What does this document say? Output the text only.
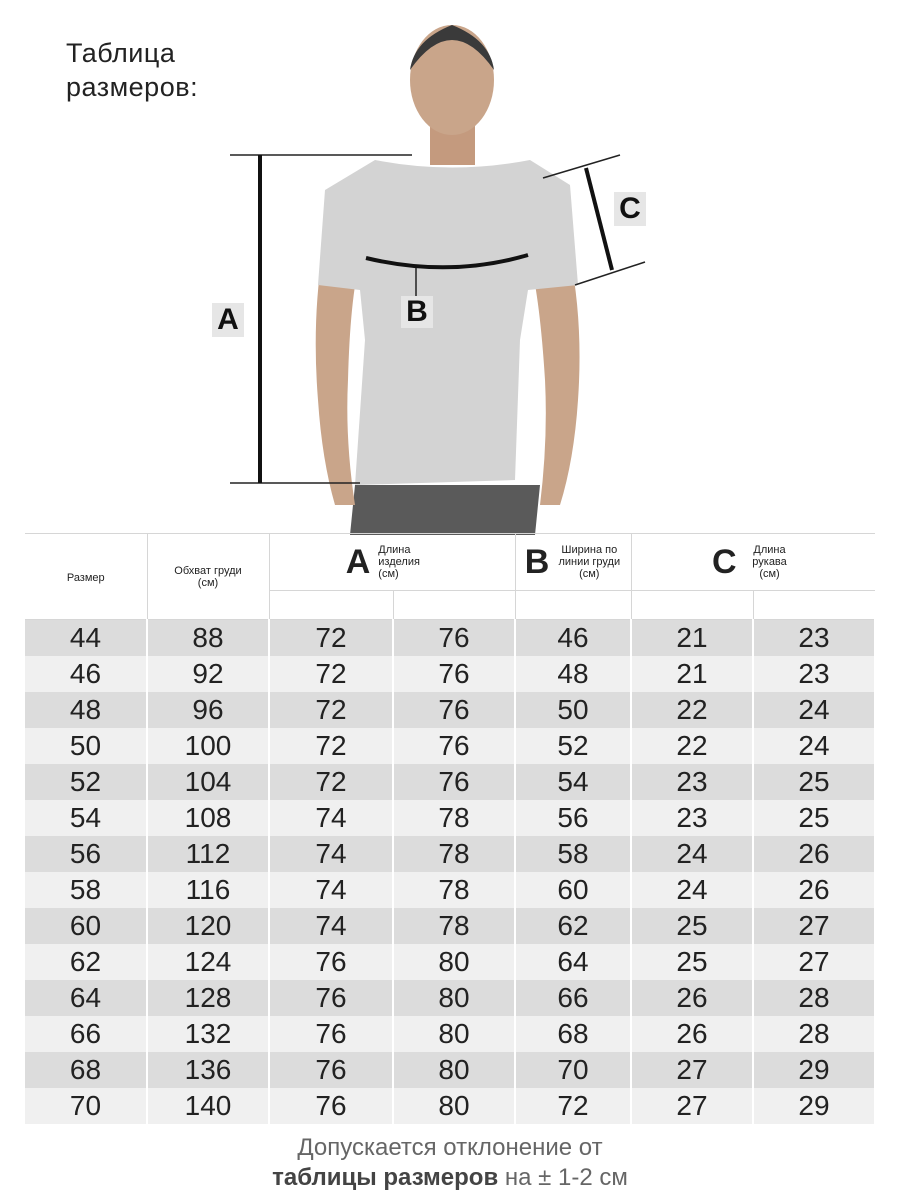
Таблица размеров:
A	B
C
Размер	Обхват груди (см)	A Длина изделия (см)		B Ширина по линии груди (см)	C Длина рукава (см)	

44	88	72	76	46	21	23
46	92	72	76	48	21	23
48	96	72	76	50	22	24
50	100	72	76	52	22	24
52	104	72	76	54	23	25
54	108	74	78	56	23	25
56	112	74	78	58	24	26
58	116	74	78	60	24	26
60	120	74	78	62	25	27
62	124	76	80	64	25	27
64	128	76	80	66	26	28
66	132	76	80	68	26	28
68	136	76	80	70	27	29
70	140	76	80	72	27	29
Допускается отклонение от
таблицы размеров на ± 1-2 см
